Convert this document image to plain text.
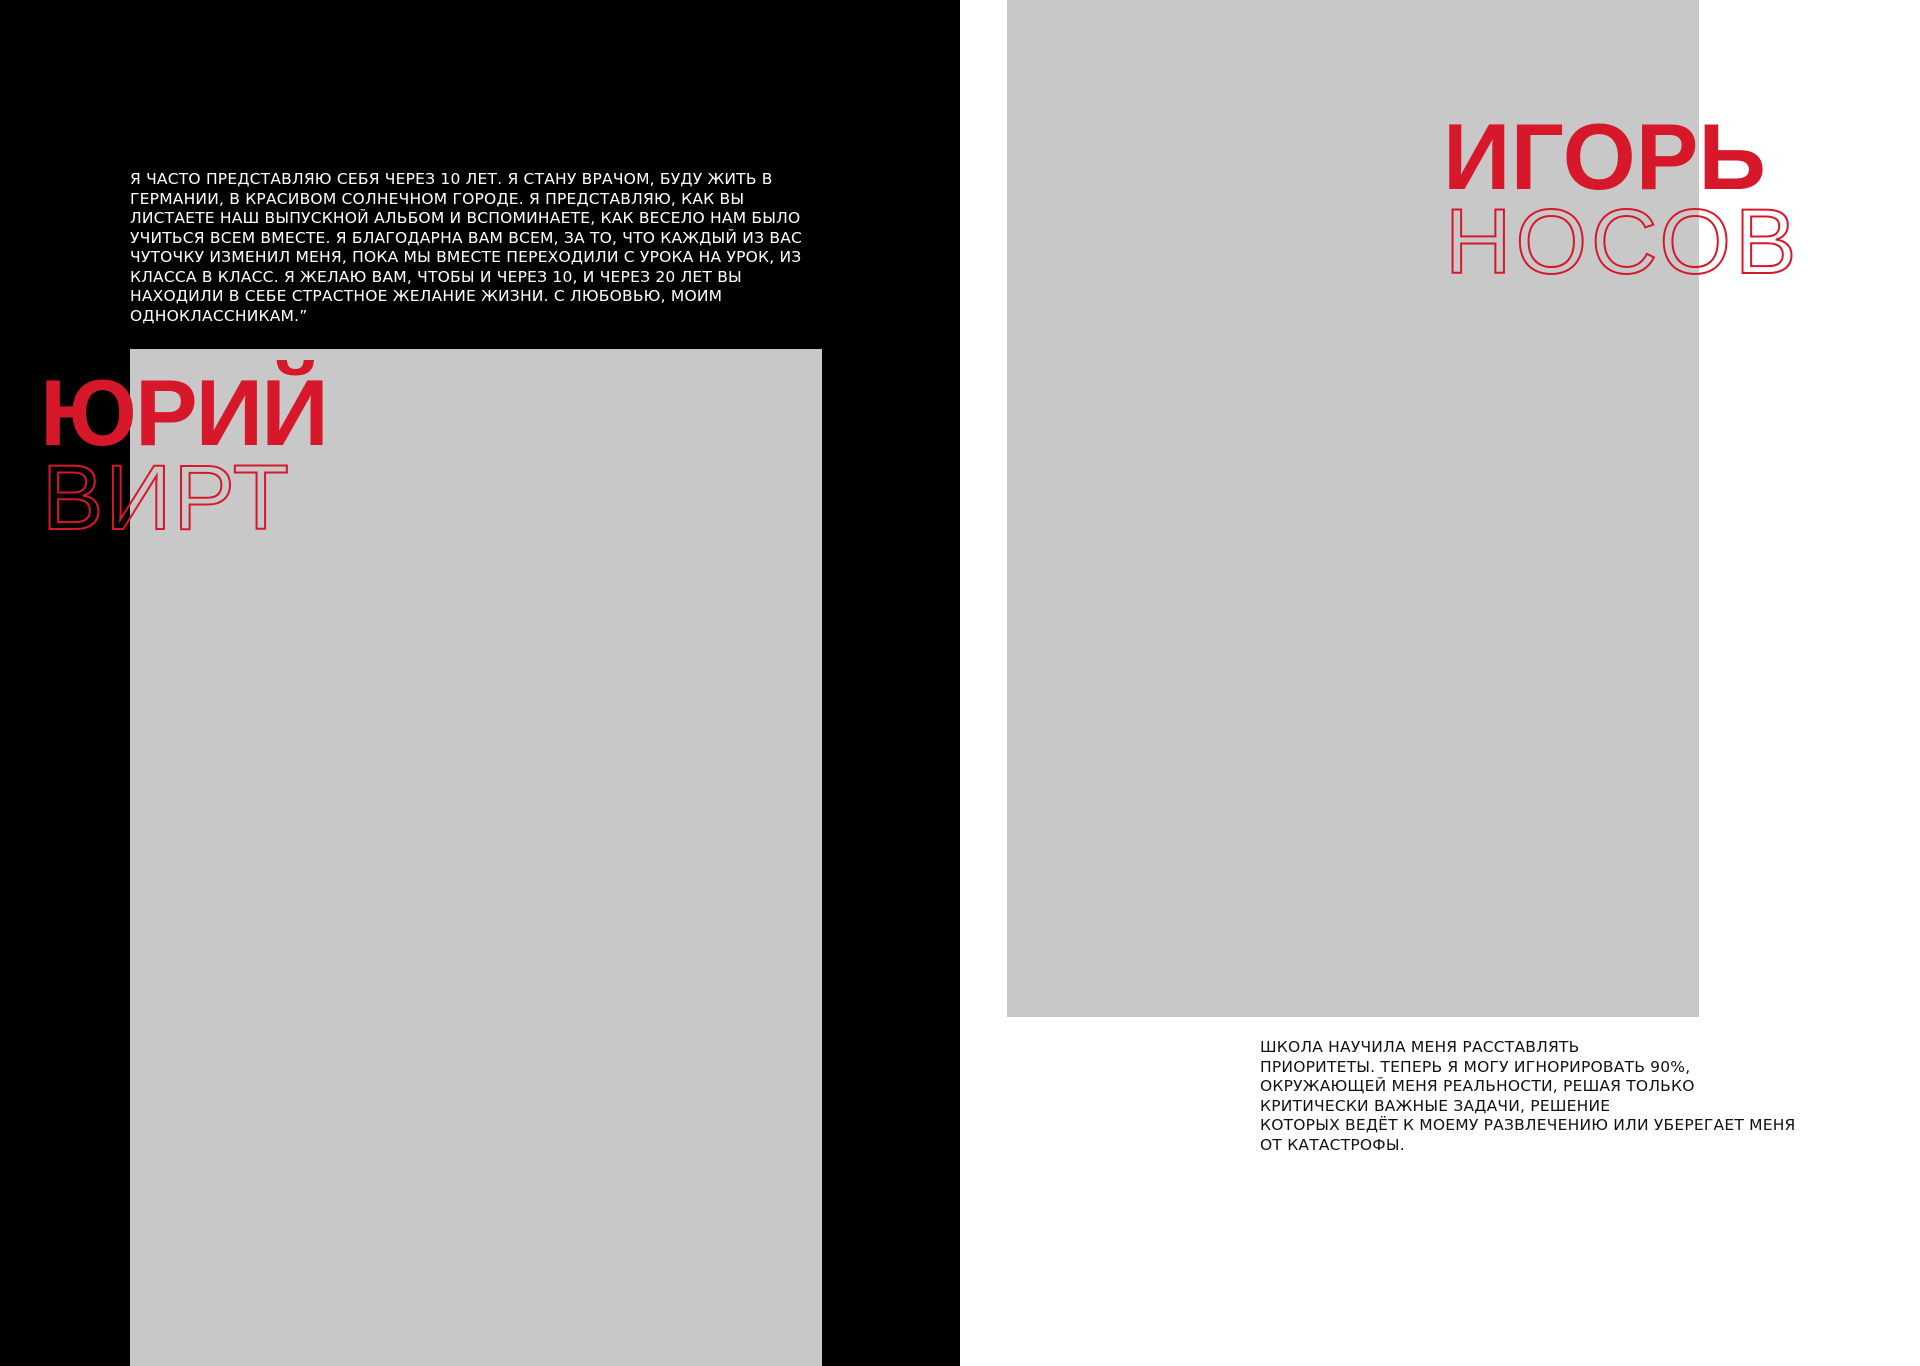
Я ЧАСТО ПРЕДСТАВЛЯЮ СЕБЯ ЧЕРЕЗ 10 ЛЕТ. Я СТАНУ ВРАЧОМ, БУДУ ЖИТЬ В ГЕРМАНИИ, В КРАСИВОМ СОЛНЕЧНОМ ГОРОДЕ. Я ПРЕДСТАВЛЯЮ, КАК ВЫ ЛИСТАЕТЕ НАШ ВЫПУСКНОЙ АЛЬБОМ И ВСПОМИНАЕТЕ, КАК ВЕСЕЛО НАМ БЫЛО УЧИТЬСЯ ВСЕМ ВМЕСТЕ. Я БЛАГОДАРНА ВАМ ВСЕМ, ЗА ТО, ЧТО КАЖДЫЙ ИЗ ВАС ЧУТОЧКУ ИЗМЕНИЛ МЕНЯ, ПОКА МЫ ВМЕСТЕ ПЕРЕХОДИЛИ С УРОКА НА УРОК, ИЗ КЛАССА В КЛАСС. Я ЖЕЛАЮ ВАМ, ЧТОБЫ И ЧЕРЕЗ 10, И ЧЕРЕЗ 20 ЛЕТ ВЫ НАХОДИЛИ В СЕБЕ СТРАСТНОЕ ЖЕЛАНИЕ ЖИЗНИ. С ЛЮБОВЬЮ, МОИМ ОДНОКЛАССНИКАМ.”

ЮРИЙ
ВИРТ
ИГОРЬ
НОСОВ

ШКОЛА НАУЧИЛА МЕНЯ РАССТАВЛЯТЬ
ПРИОРИТЕТЫ. ТЕПЕРЬ Я МОГУ ИГНОРИРОВАТЬ 90%,
ОКРУЖАЮЩЕЙ МЕНЯ РЕАЛЬНОСТИ, РЕШАЯ ТОЛЬКО
КРИТИЧЕСКИ ВАЖНЫЕ ЗАДАЧИ, РЕШЕНИЕ
КОТОРЫХ ВЕДЁТ К МОЕМУ РАЗВЛЕЧЕНИЮ ИЛИ УБЕРЕГАЕТ МЕНЯ
ОТ КАТАСТРОФЫ.
